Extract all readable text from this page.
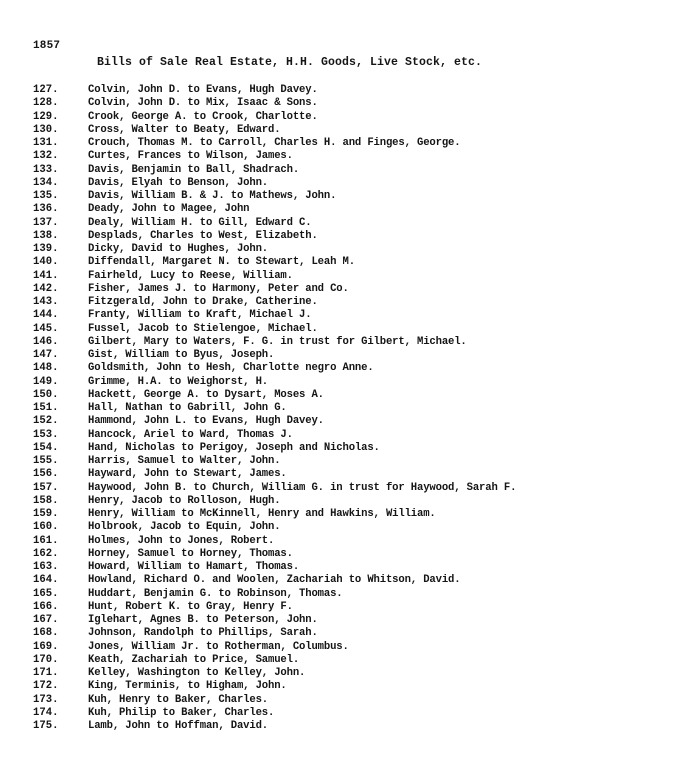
1857
Bills of Sale Real Estate, H.H. Goods, Live Stock, etc.
127.	Colvin, John D. to Evans, Hugh Davey.
128.	Colvin, John D. to Mix, Isaac & Sons.
129.	Crook, George A. to Crook, Charlotte.
130.	Cross, Walter to Beaty, Edward.
131.	Crouch, Thomas M. to Carroll, Charles H. and Finges, George.
132.	Curtes, Frances to Wilson, James.
133.	Davis, Benjamin to Ball, Shadrach.
134.	Davis, Elyah to Benson, John.
135.	Davis, William B. & J. to Mathews, John.
136.	Deady, John to Magee, John
137.	Dealy, William H. to Gill, Edward C.
138.	Desplads, Charles to West, Elizabeth.
139.	Dicky, David to Hughes, John.
140.	Diffendall, Margaret N. to Stewart, Leah M.
141.	Fairheld, Lucy to Reese, William.
142.	Fisher, James J. to Harmony, Peter and Co.
143.	Fitzgerald, John to Drake, Catherine.
144.	Franty, William to Kraft, Michael J.
145.	Fussel, Jacob to Stielengoe, Michael.
146.	Gilbert, Mary to Waters, F. G. in trust for Gilbert, Michael.
147.	Gist, William to Byus, Joseph.
148.	Goldsmith, John to Hesh, Charlotte negro Anne.
149.	Grimme, H.A. to Weighorst, H.
150.	Hackett, George A. to Dysart, Moses A.
151.	Hall, Nathan to Gabrill, John G.
152.	Hammond, John L. to Evans, Hugh Davey.
153.	Hancock, Ariel to Ward, Thomas J.
154.	Hand, Nicholas to Perigoy, Joseph and Nicholas.
155.	Harris, Samuel to Walter, John.
156.	Hayward, John to Stewart, James.
157.	Haywood, John B. to Church, William G. in trust for Haywood, Sarah F.
158.	Henry, Jacob to Rolloson, Hugh.
159.	Henry, William to McKinnell, Henry and Hawkins, William.
160.	Holbrook, Jacob to Equin, John.
161.	Holmes, John to Jones, Robert.
162.	Horney, Samuel to Horney, Thomas.
163.	Howard, William to Hamart, Thomas.
164.	Howland, Richard O. and Woolen, Zachariah to Whitson, David.
165.	Huddart, Benjamin G. to Robinson, Thomas.
166.	Hunt, Robert K. to Gray, Henry F.
167.	Iglehart, Agnes B. to Peterson, John.
168.	Johnson, Randolph to Phillips, Sarah.
169.	Jones, William Jr. to Rotherman, Columbus.
170.	Keath, Zachariah to Price, Samuel.
171.	Kelley, Washington to Kelley, John.
172.	King, Terminis, to Higham, John.
173.	Kuh, Henry to Baker, Charles.
174.	Kuh, Philip to Baker, Charles.
175.	Lamb, John to Hoffman, David.
